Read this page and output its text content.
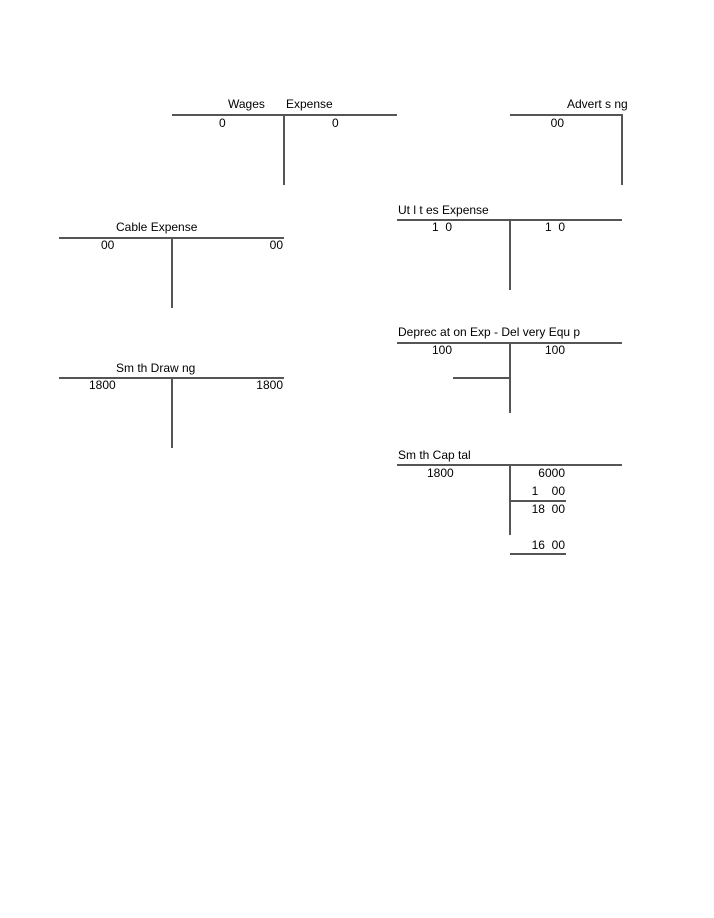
Wages Expense
0	0
Advert s ng
00
Ut l t es Expense
1  0	1  0
Cable Expense
00	00
Deprec at on Exp - Del very Equ p
100	100
Sm th Draw ng
1800	1800
Sm th Cap tal
1800	6000
1    00
18  00
16  00
